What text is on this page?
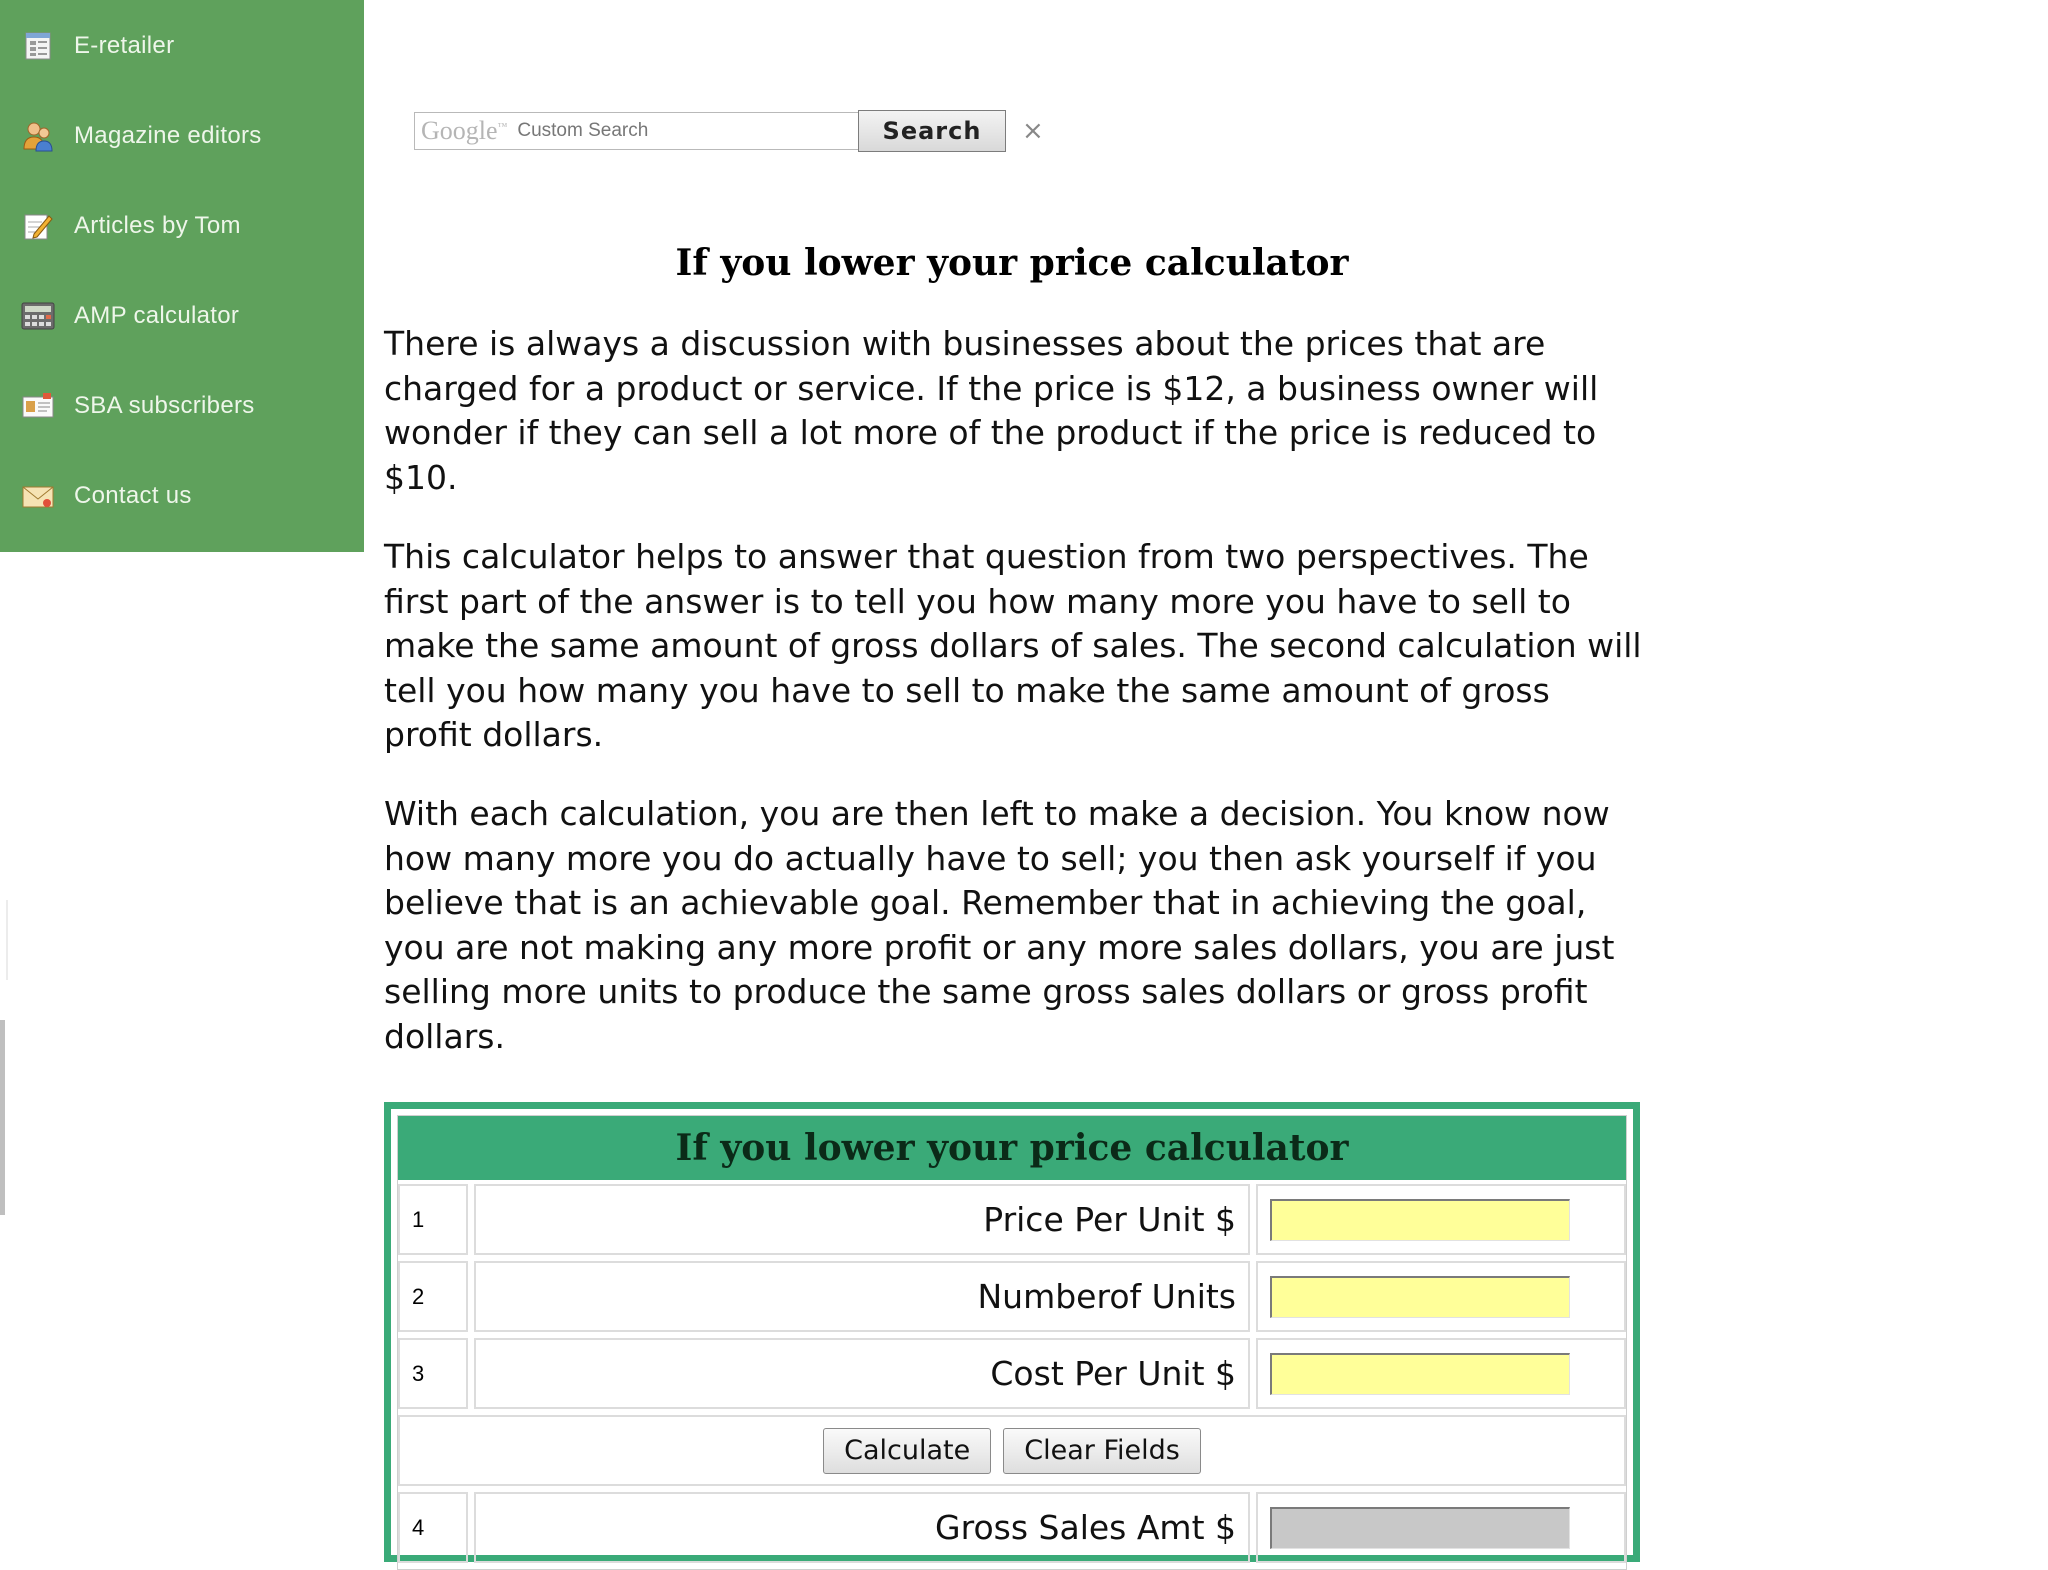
E-retailer
Magazine editors
Articles by Tom
AMP calculator
SBA subscribers
Contact us
Google™ Custom Search	Search	×
If you lower your price calculator

There is always a discussion with businesses about the prices that are charged for a product or service. If the price is $12, a business owner will wonder if they can sell a lot more of the product if the price is reduced to $10.

This calculator helps to answer that question from two perspectives. The first part of the answer is to tell you how many more you have to sell to make the same amount of gross dollars of sales. The second calculation will tell you how many you have to sell to make the same amount of gross profit dollars.

With each calculation, you are then left to make a decision. You know now how many more you do actually have to sell; you then ask yourself if you believe that is an achievable goal. Remember that in achieving the goal, you are not making any more profit or any more sales dollars, you are just selling more units to produce the same gross sales dollars or gross profit dollars.

If you lower your price calculator
1	Price Per Unit $
2	Numberof Units
3	Cost Per Unit $
Calculate	Clear Fields
4	Gross Sales Amt $
